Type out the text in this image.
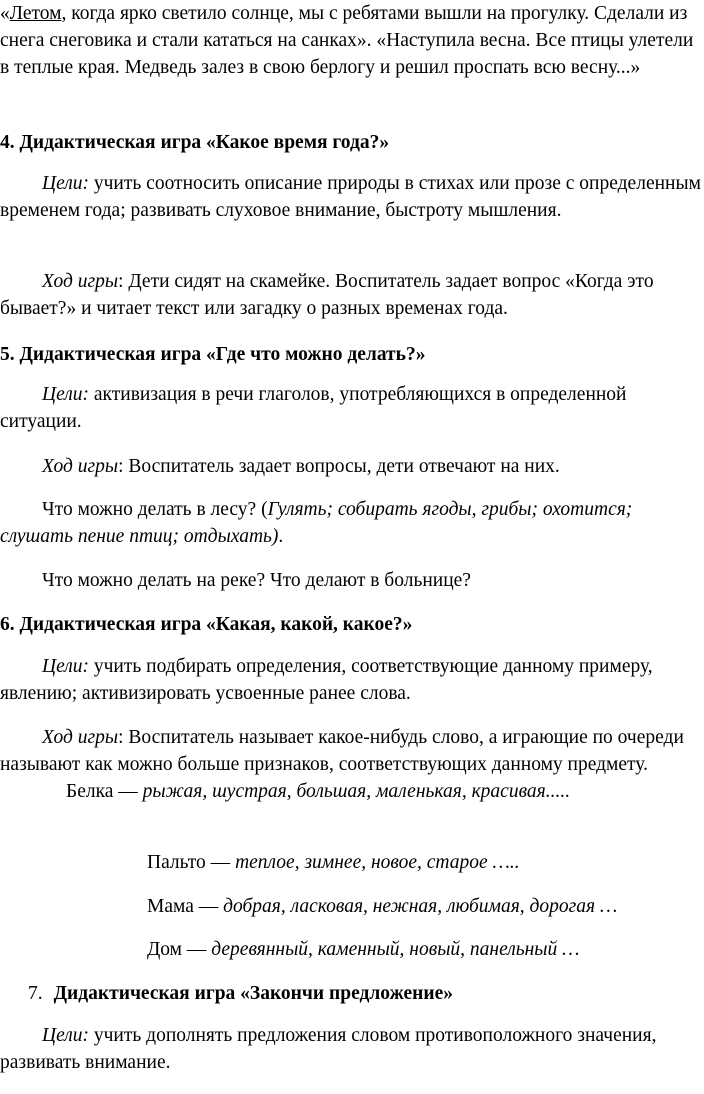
«Летом, когда ярко светило солнце, мы с ребятами вышли на прогулку. Сделали из снега снеговика и стали кататься на санках». «Наступила весна. Все птицы улетели в теплые края. Медведь залез в свою берлогу и решил проспать всю весну...»

4. Дидактическая игра «Какое время года?»

Цели: учить соотносить описание природы в стихах или прозе с определенным временем года; развивать слуховое внимание, быстроту мышления.

Ход игры: Дети сидят на скамейке. Воспитатель задает вопрос «Когда это бывает?» и читает текст или загадку о разных временах года.

5. Дидактическая игра «Где что можно делать?»

Цели: активизация в речи глаголов, употребляющихся в определенной ситуации.

Ход игры: Воспитатель задает вопросы, дети отвечают на них.

Что можно делать в лесу? (Гулять; собирать ягоды, грибы; охотится; слушать пение птиц; отдыхать).

Что можно делать на реке? Что делают в больнице?

6. Дидактическая игра «Какая, какой, какое?»

Цели: учить подбирать определения, соответствующие данному примеру, явлению; активизировать усвоенные ранее слова.

Ход игры: Воспитатель называет какое-нибудь слово, а играющие по очереди называют как можно больше признаков, соответствующих данному предмету.Белка — рыжая, шустрая, большая, маленькая, красивая.....

Пальто — теплое, зимнее, новое, старое …..

Мама — добрая, ласковая, нежная, любимая, дорогая …

Дом — деревянный, каменный, новый, панельный …

7. Дидактическая игра «Закончи предложение»

Цели: учить дополнять предложения словом противоположного значения, развивать внимание.
